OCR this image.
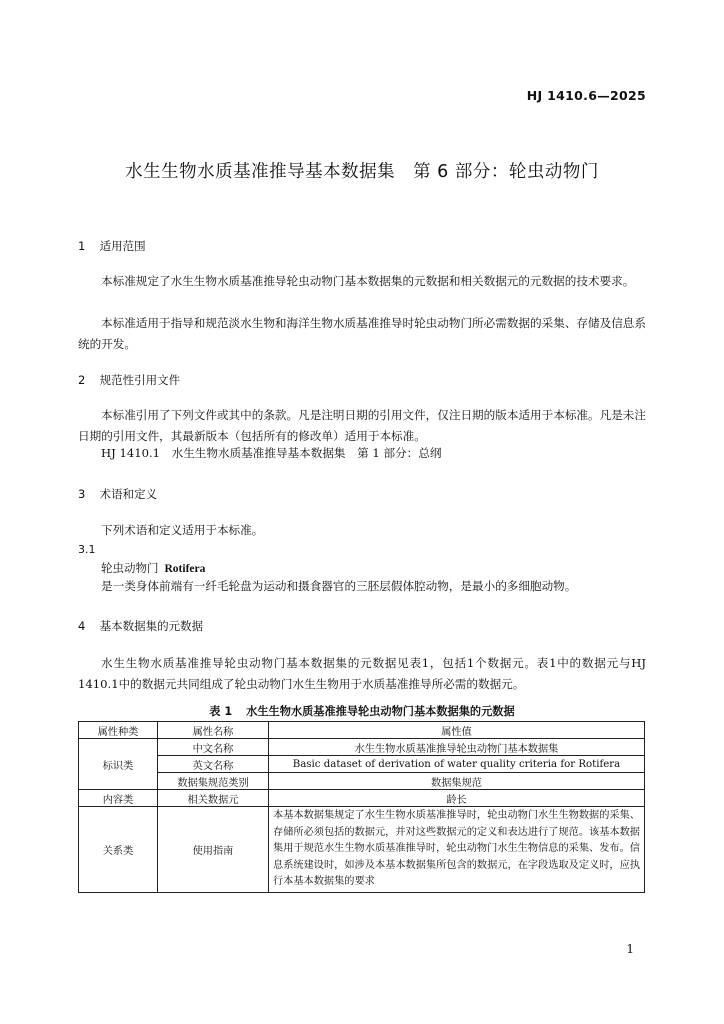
HJ 1410.6—2025
水生生物水质基准推导基本数据集　第 6 部分：轮虫动物门
1 适用范围
本标准规定了水生生物水质基准推导轮虫动物门基本数据集的元数据和相关数据元的元数据的技术要求。
本标准适用于指导和规范淡水生物和海洋生物水质基准推导时轮虫动物门所必需数据的采集、存储及信息系统的开发。
2 规范性引用文件
本标准引用了下列文件或其中的条款。凡是注明日期的引用文件，仅注日期的版本适用于本标准。凡是未注日期的引用文件，其最新版本（包括所有的修改单）适用于本标准。
HJ 1410.1　水生生物水质基准推导基本数据集　第 1 部分：总纲
3 术语和定义
下列术语和定义适用于本标准。
3.1
轮虫动物门 Rotifera
是一类身体前端有一纤毛轮盘为运动和摄食器官的三胚层假体腔动物，是最小的多细胞动物。
4 基本数据集的元数据
水生生物水质基准推导轮虫动物门基本数据集的元数据见表1，包括1个数据元。表1中的数据元与HJ 1410.1中的数据元共同组成了轮虫动物门水生生物用于水质基准推导所必需的数据元。
表 1 水生生物水质基准推导轮虫动物门基本数据集的元数据
属性种类	属性名称	属性值
标识类	中文名称	水生生物水质基准推导轮虫动物门基本数据集
	英文名称	Basic dataset of derivation of water quality criteria for Rotifera
	数据集规范类别	数据集规范
内容类	相关数据元	龄长
关系类	使用指南	本基本数据集规定了水生生物水质基准推导时，轮虫动物门水生生物数据的采集、存储所必须包括的数据元，并对这些数据元的定义和表达进行了规范。该基本数据集用于规范水生生物水质基准推导时，轮虫动物门水生生物信息的采集、发布。信息系统建设时，如涉及本基本数据集所包含的数据元，在字段选取及定义时，应执行本基本数据集的要求
1
